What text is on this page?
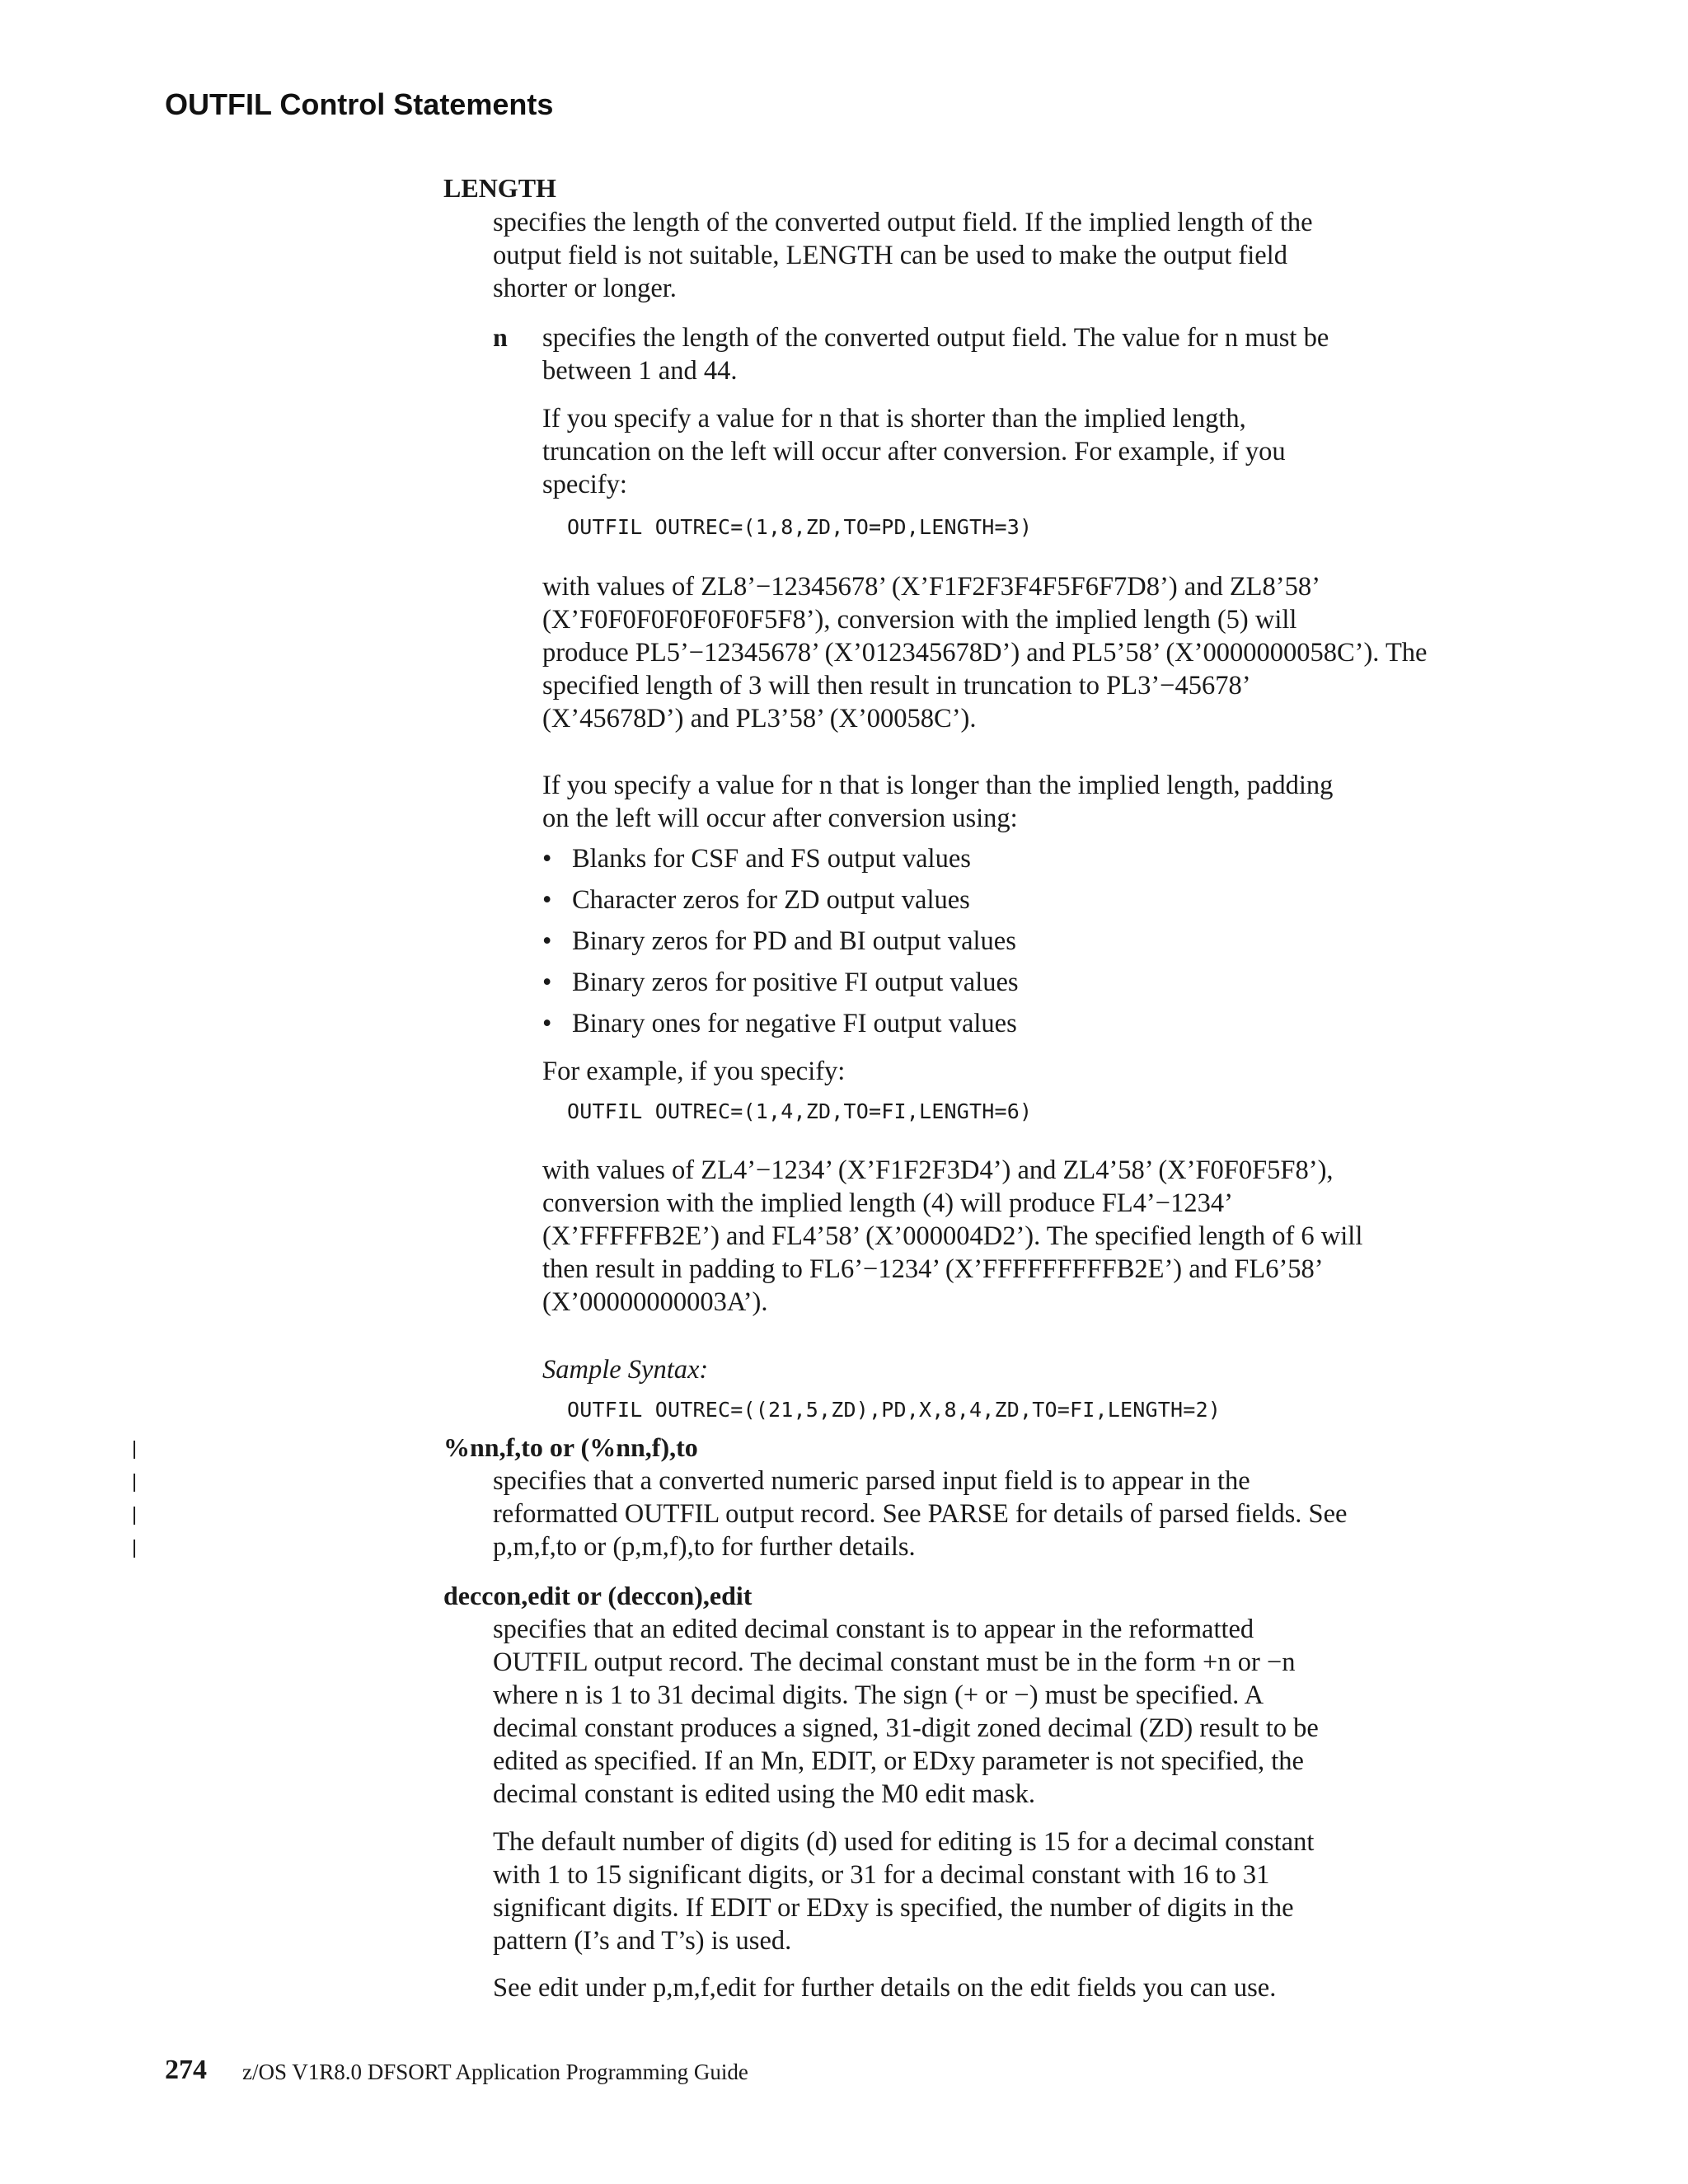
OUTFIL Control Statements
LENGTH

specifies the length of the converted output field. If the implied length of the
output field is not suitable, LENGTH can be used to make the output field
shorter or longer.

n specifies the length of the converted output field. The value for n must be
between 1 and 44.

If you specify a value for n that is shorter than the implied length,
truncation on the left will occur after conversion. For example, if you
specify:

OUTFIL OUTREC=(1,8,ZD,TO=PD,LENGTH=3)

with values of ZL8’−12345678’ (X’F1F2F3F4F5F6F7D8’) and ZL8’58’
(X’F0F0F0F0F0F0F5F8’), conversion with the implied length (5) will
produce PL5’−12345678’ (X’012345678D’) and PL5’58’ (X’0000000058C’). The
specified length of 3 will then result in truncation to PL3’−45678’
(X’45678D’) and PL3’58’ (X’00058C’).

If you specify a value for n that is longer than the implied length, padding
on the left will occur after conversion using:

• Blanks for CSF and FS output values
• Character zeros for ZD output values
• Binary zeros for PD and BI output values
• Binary zeros for positive FI output values
• Binary ones for negative FI output values

For example, if you specify:

OUTFIL OUTREC=(1,4,ZD,TO=FI,LENGTH=6)

with values of ZL4’−1234’ (X’F1F2F3D4’) and ZL4’58’ (X’F0F0F5F8’),
conversion with the implied length (4) will produce FL4’−1234’
(X’FFFFFB2E’) and FL4’58’ (X’000004D2’). The specified length of 6 will
then result in padding to FL6’−1234’ (X’FFFFFFFFFB2E’) and FL6’58’
(X’00000000003A’).

Sample Syntax:

OUTFIL OUTREC=((21,5,ZD),PD,X,8,4,ZD,TO=FI,LENGTH=2)
%nn,f,to or (%nn,f),to

specifies that a converted numeric parsed input field is to appear in the
reformatted OUTFIL output record. See PARSE for details of parsed fields. See
p,m,f,to or (p,m,f),to for further details.

deccon,edit or (deccon),edit

specifies that an edited decimal constant is to appear in the reformatted
OUTFIL output record. The decimal constant must be in the form +n or −n
where n is 1 to 31 decimal digits. The sign (+ or −) must be specified. A
decimal constant produces a signed, 31-digit zoned decimal (ZD) result to be
edited as specified. If an Mn, EDIT, or EDxy parameter is not specified, the
decimal constant is edited using the M0 edit mask.

The default number of digits (d) used for editing is 15 for a decimal constant
with 1 to 15 significant digits, or 31 for a decimal constant with 16 to 31
significant digits. If EDIT or EDxy is specified, the number of digits in the
pattern (I’s and T’s) is used.

See edit under p,m,f,edit for further details on the edit fields you can use.

274 z/OS V1R8.0 DFSORT Application Programming Guide
